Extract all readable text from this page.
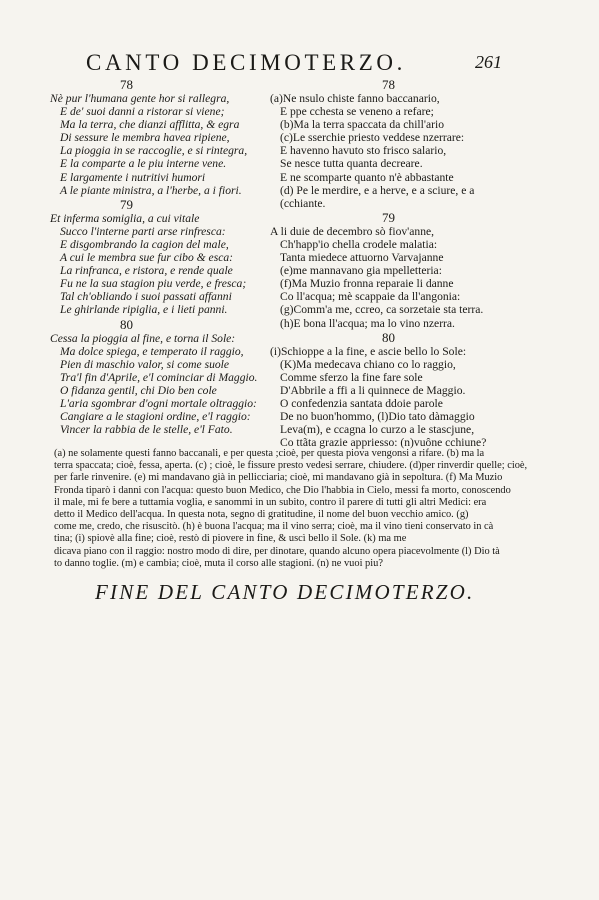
CANTO DECIMOTERZO.	261
78
Nè pur l'humana gente hor si rallegra,
E de' suoi danni a ristorar si viene;
Ma la terra, che dianzi afflitta, & egra
Di sessure le membra havea ripiene,
La pioggia in se raccoglie, e si rintegra,
E la comparte a le piu interne vene.
E largamente i nutritivi humori
A le piante ministra, a l'herbe, a i fiori.
79
Et inferma somiglia, a cui vitale
Succo l'interne parti arse rinfresca:
E disgombrando la cagion del male,
A cui le membra sue fur cibo & esca:
La rinfranca, e ristora, e rende quale
Fu ne la sua stagion piu verde, e fresca;
Tal ch'obliando i suoi passati affanni
Le ghirlande ripiglia, e i lieti panni.
80
Cessa la pioggia al fine, e torna il Sole:
Ma dolce spiega, e temperato il raggio,
Pien di maschio valor, si come suole
Tra'l fin d'Aprile, e'l cominciar di Maggio.
O fidanza gentil, chi Dio ben cole
L'aria sgombrar d'ogni mortale oltraggio:
Cangiare a le stagioni ordine, e'l raggio:
Vincer la rabbia de le stelle, e'l Fato.
78
(a)Ne nsulo chiste fanno baccanario,
E ppe cchesta se veneno a refare;
(b)Ma la terra spaccata da chill'ario
(c)Le sserchie priesto veddese nzerrare:
E havenno havuto sto frisco salario,
Se nesce tutta quanta decreare.
E ne scomparte quanto n'è abbastante
(d) Pe le merdire, e a herve, e a sciure, e a
(cchiante.
79
A li duie de decembro sò fiov'anne,
Ch'happ'io chella crodele malatia:
Tanta miedece attuorno Varvajanne
(e)me mannavano gia mpelletteria:
(f)Ma Muzio fronna reparaie li danne
Co ll'acqua; mè scappaie da ll'angonia:
(g)Comm'a me, ccreo, ca sorzetaie sta terra.
(h)E bona ll'acqua; ma lo vino nzerra.
80
(i)Schioppe a la fine, e ascie bello lo Sole:
(K)Ma medecava chiano co lo raggio,
Comme sferzo la fine fare sole
D'Abbrile a ffi a li quinnece de Maggio.
O confedenzia santata ddoie parole
De no buon'hommo, (l)Dio tato dàmaggio
Leva(m), e ccagna lo curzo a le stascjune,
Co ttãta grazie appriesso: (n)vuône cchiune?
(a) ne solamente questi fanno baccanali, e per questa ;cioè, per questa piova vengonsi a rifare. (b) ma la
terra spaccata; cioè, fessa, aperta. (c) ; cioè, le fissure presto vedesi serrare, chiudere. (d)per rinverdir quelle; cioè,
per farle rinvenire. (e) mi mandavano già in pellicciaria; cioè, mi mandavano già in sepoltura. (f) Ma Muzio
Fronda tiparò i danni con l'acqua: questo buon Medico, che Dio l'habbia in Cielo, messi fa morto, conoscendo
il male, mi fe bere a tuttamia voglia, e sanommi in un subito, contro il parere di tutti gli altri Medici: era
detto il Medico dell'acqua. In questa nota, segno di gratitudine, il nome del buon vecchio amico. (g)
come me, credo, che risuscitò. (h) è buona l'acqua; ma il vino serra; cioè, ma il vino tieni conservato in cà
tina; (i) spiovè alla fine; cioè, restò di piovere in fine, & uscì bello il Sole. (k) ma me
dicava piano con il raggio: nostro modo di dire, per dinotare, quando alcuno opera piacevolmente (l) Dio tà
to danno toglie. (m) e cambia; cioè, muta il corso alle stagioni. (n) ne vuoi piu?
FINE DEL CANTO DECIMOTERZO.
